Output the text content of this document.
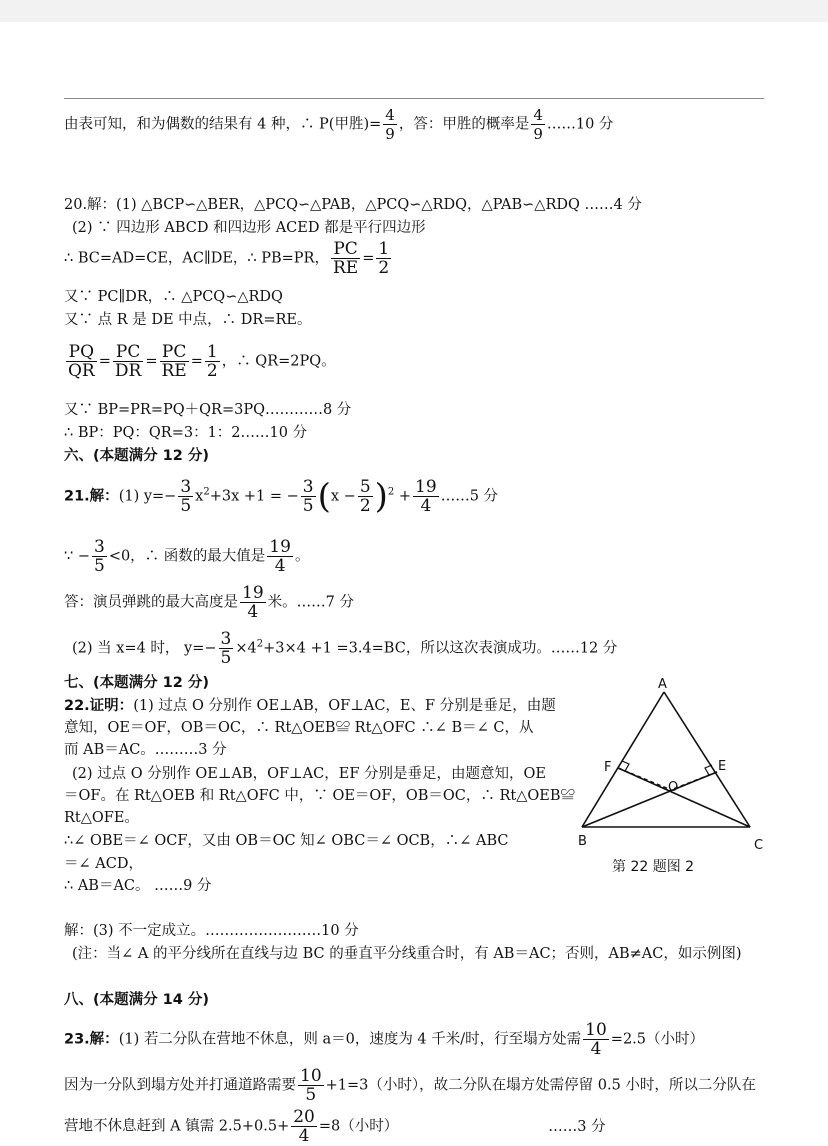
由表可知，和为偶数的结果有 4 种，∴ P(甲胜)= $\frac{4}{9}$ ，答：甲胜的概率是 $\frac{4}{9}$ ……10 分
20.解：(1) △BCP∽△BER，△PCQ∽△PAB，△PCQ∽△RDQ，△PAB∽△RDQ ……4 分
(2) ∵ 四边形 ABCD 和四边形 ACED 都是平行四边形
∴ BC=AD=CE，AC∥DE，∴ PB=PR， $\frac{PC}{RE} = \frac{1}{2}$
又∵ PC∥DR，∴ △PCQ∽△RDQ
又∵ 点 R 是 DE 中点，∴ DR=RE。
$\frac{PQ}{QR} = \frac{PC}{DR} = \frac{PC}{RE} = \frac{1}{2}$ ，∴ QR=2PQ。
又∵ BP=PR=PQ＋QR=3PQ…………8 分
∴ BP：PQ：QR=3：1：2……10 分
六、(本题满分 12 分)
21.解：(1) $y=- \frac{3}{5} x^2+3x +1$ = − $\frac{3}{5} (x - \frac{5}{2} )^2 + \frac{19}{4}$ ……5 分
∵ − $\frac{3}{5} <0$，∴ 函数的最大值是 $\frac{19}{4}$ 。
答：演员弹跳的最大高度是 $\frac{19}{4}$ 米。……7 分
(2) 当 x=4 时， $y=- \frac{3}{5} \times 4^2+3\times 4 +1 =3.4=BC$，所以这次表演成功。……12 分
七、(本题满分 12 分)
22.证明：(1) 过点 O 分别作 OE⊥AB，OF⊥AC，E、F 分别是垂足，由题
意知，OE＝OF，OB＝OC，∴ Rt△OEB≌ Rt△OFC ∴∠ B＝∠ C，从
而 AB＝AC。………3 分
(2) 过点 O 分别作 OE⊥AB，OF⊥AC，EF 分别是垂足，由题意知，OE
＝OF。在 Rt△OEB 和 Rt△OFC 中，∵ OE＝OF，OB＝OC，∴ Rt△OEB≌
Rt△OFE。
∴∠ OBE＝∠ OCF，又由 OB＝OC 知∠ OBC＝∠ OCB，∴∠ ABC
＝∠ ACD，
∴ AB＝AC。 ……9 分
解：(3) 不一定成立。……………………10 分
(注：当∠ A 的平分线所在直线与边 BC 的垂直平分线重合时，有 AB＝AC；否则，AB≠AC，如示例图)
A
B	C
E
F
O
第 22 题图 2
八、(本题满分 14 分)
23.解：(1) 若二分队在营地不休息，则 a＝0，速度为 4 千米/时，行至塌方处需 $\frac{10}{4} =2.5$（小时）
因为一分队到塌方处并打通道路需要 $\frac{10}{5} +1=3$（小时），故二分队在塌方处需停留 0.5 小时，所以二分队在
营地不休息赶到 A 镇需 $2.5+0.5+ \frac{20}{4} =8$（小时）	……3 分
